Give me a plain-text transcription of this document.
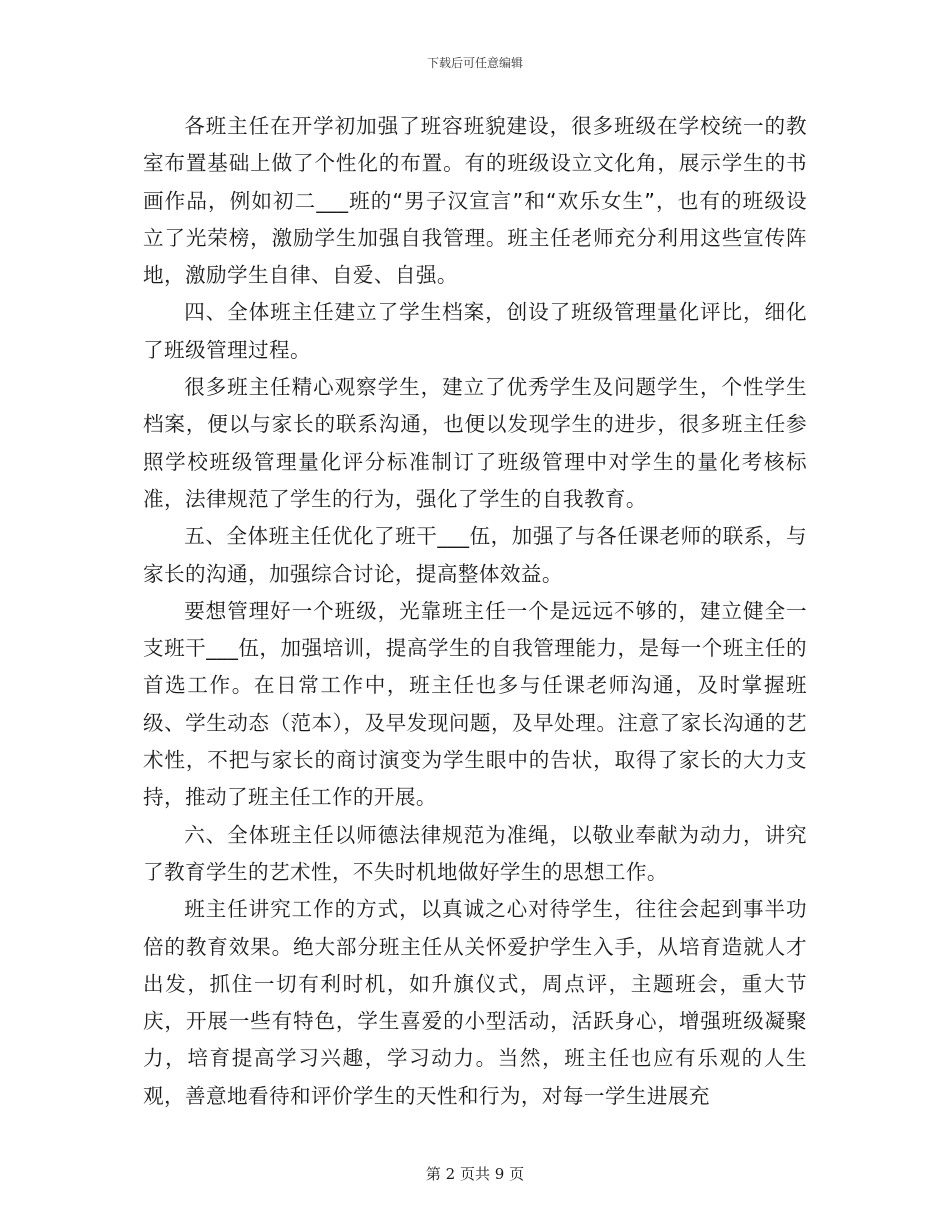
下载后可任意编辑

各班主任在开学初加强了班容班貌建设，很多班级在学校统一的教室布置基础上做了个性化的布置。有的班级设立文化角，展示学生的书画作品，例如初二___班的“男子汉宣言”和“欢乐女生”，也有的班级设立了光荣榜，激励学生加强自我管理。班主任老师充分利用这些宣传阵地，激励学生自律、自爱、自强。

四、全体班主任建立了学生档案，创设了班级管理量化评比，细化了班级管理过程。

很多班主任精心观察学生，建立了优秀学生及问题学生，个性学生档案，便以与家长的联系沟通，也便以发现学生的进步，很多班主任参照学校班级管理量化评分标准制订了班级管理中对学生的量化考核标准，法律规范了学生的行为，强化了学生的自我教育。

五、全体班主任优化了班干___伍，加强了与各任课老师的联系，与家长的沟通，加强综合讨论，提高整体效益。

要想管理好一个班级，光靠班主任一个是远远不够的，建立健全一支班干___伍，加强培训，提高学生的自我管理能力，是每一个班主任的首选工作。在日常工作中，班主任也多与任课老师沟通，及时掌握班级、学生动态（范本），及早发现问题，及早处理。注意了家长沟通的艺术性，不把与家长的商讨演变为学生眼中的告状，取得了家长的大力支持，推动了班主任工作的开展。

六、全体班主任以师德法律规范为准绳，以敬业奉献为动力，讲究了教育学生的艺术性，不失时机地做好学生的思想工作。

班主任讲究工作的方式，以真诚之心对待学生，往往会起到事半功倍的教育效果。绝大部分班主任从关怀爱护学生入手，从培育造就人才出发，抓住一切有利时机，如升旗仪式，周点评，主题班会，重大节庆，开展一些有特色，学生喜爱的小型活动，活跃身心，增强班级凝聚力，培育提高学习兴趣，学习动力。当然，班主任也应有乐观的人生观，善意地看待和评价学生的天性和行为，对每一学生进展充

第 2 页共 9 页
